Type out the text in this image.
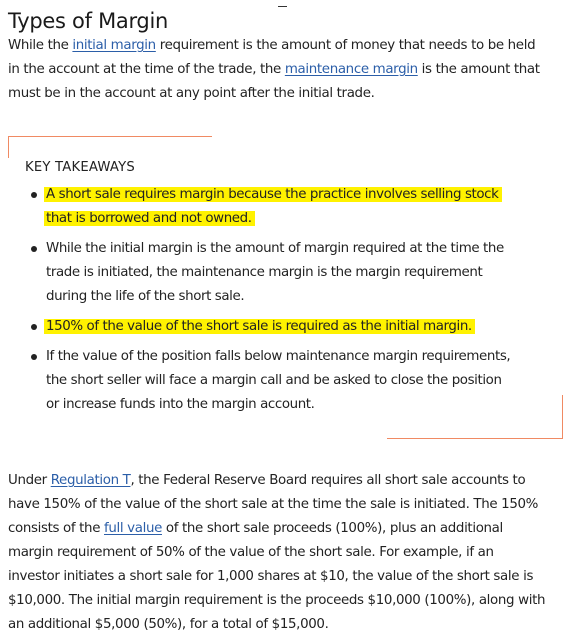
Types of Margin

While the initial margin requirement is the amount of money that needs to be held
in the account at the time of the trade, the maintenance margin is the amount that
must be in the account at any point after the initial trade.

KEY TAKEAWAYS
A short sale requires margin because the practice involves selling stock
that is borrowed and not owned.
While the initial margin is the amount of margin required at the time the
trade is initiated, the maintenance margin is the margin requirement
during the life of the short sale.
150% of the value of the short sale is required as the initial margin.
If the value of the position falls below maintenance margin requirements,
the short seller will face a margin call and be asked to close the position
or increase funds into the margin account.

Under Regulation T, the Federal Reserve Board requires all short sale accounts to
have 150% of the value of the short sale at the time the sale is initiated. The 150%
consists of the full value of the short sale proceeds (100%), plus an additional
margin requirement of 50% of the value of the short sale. For example, if an
investor initiates a short sale for 1,000 shares at $10, the value of the short sale is
$10,000. The initial margin requirement is the proceeds $10,000 (100%), along with
an additional $5,000 (50%), for a total of $15,000.
